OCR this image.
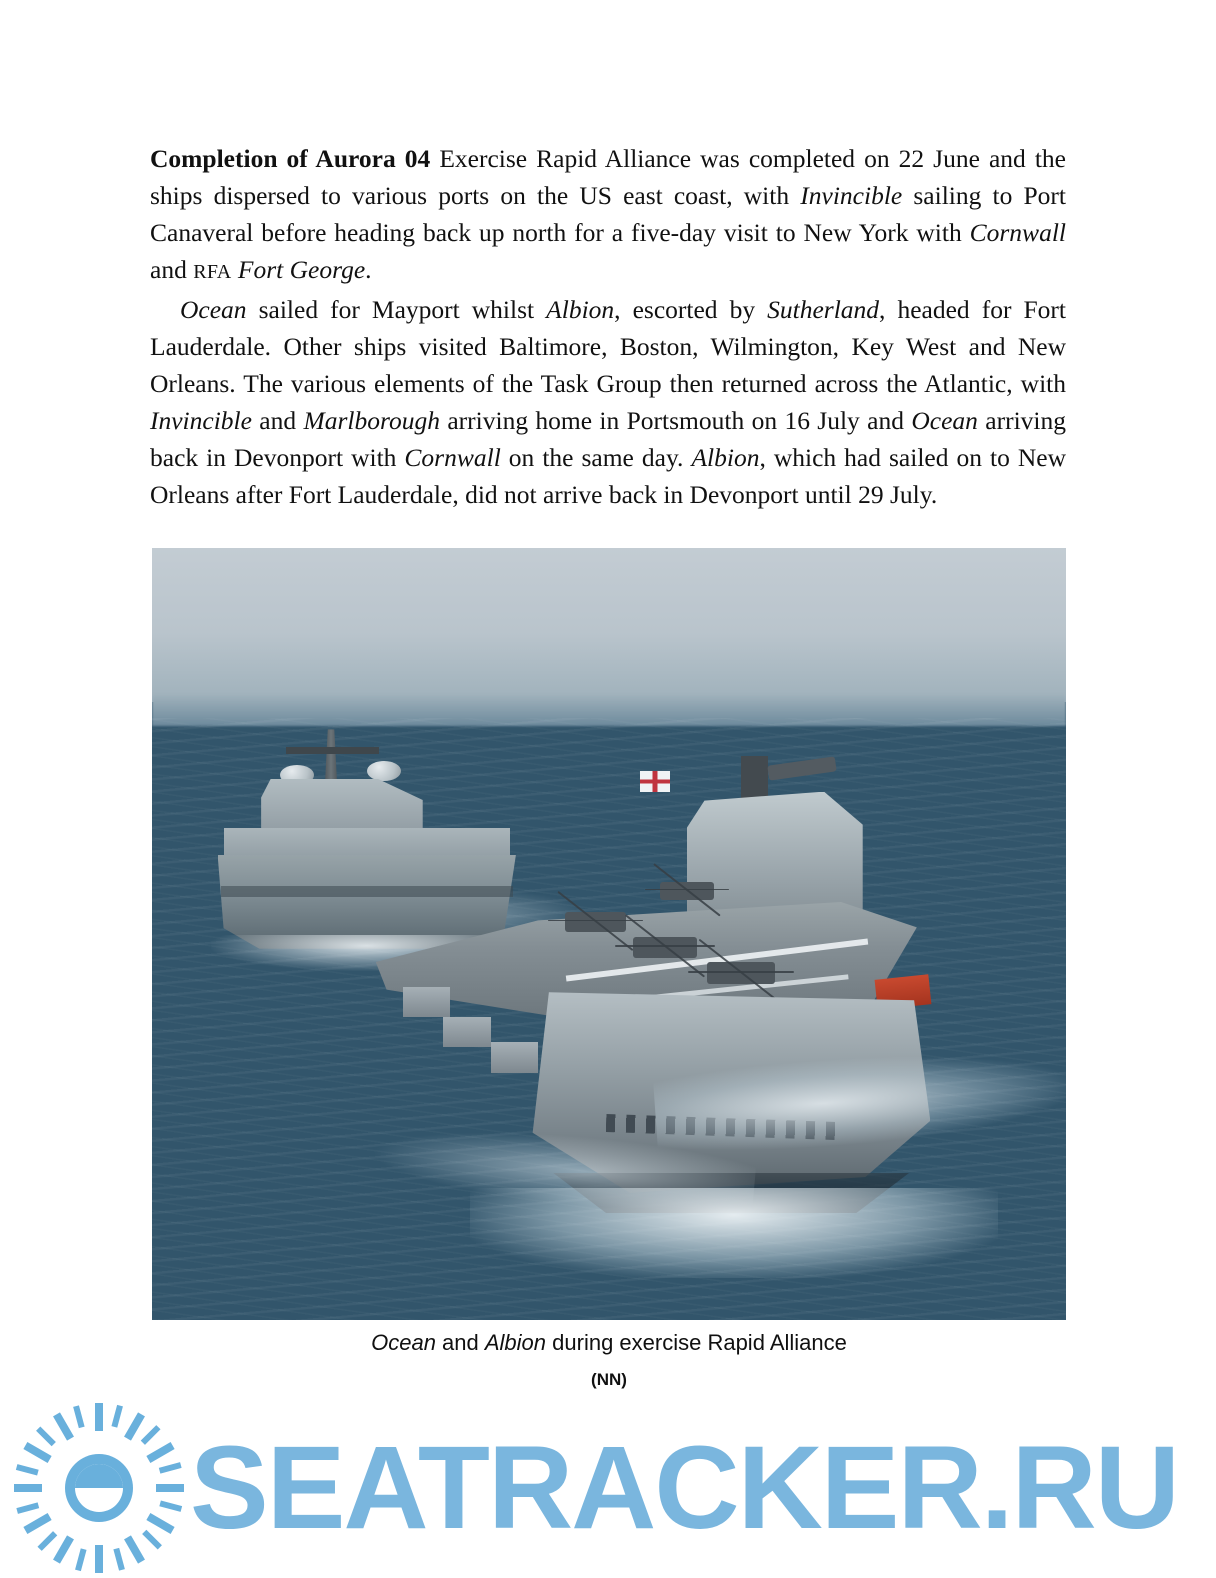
Completion of Aurora 04 Exercise Rapid Alliance was completed on 22 June and the ships dispersed to various ports on the US east coast, with Invincible sailing to Port Canaveral before heading back up north for a five-day visit to New York with Cornwall and RFA Fort George.

Ocean sailed for Mayport whilst Albion, escorted by Sutherland, headed for Fort Lauderdale. Other ships visited Baltimore, Boston, Wilmington, Key West and New Orleans. The various elements of the Task Group then returned across the Atlantic, with Invincible and Marlborough arriving home in Portsmouth on 16 July and Ocean arriving back in Devonport with Cornwall on the same day. Albion, which had sailed on to New Orleans after Fort Lauderdale, did not arrive back in Devonport until 29 July.

Ocean and Albion during exercise Rapid Alliance
(NN)
SEATRACKER.RU
